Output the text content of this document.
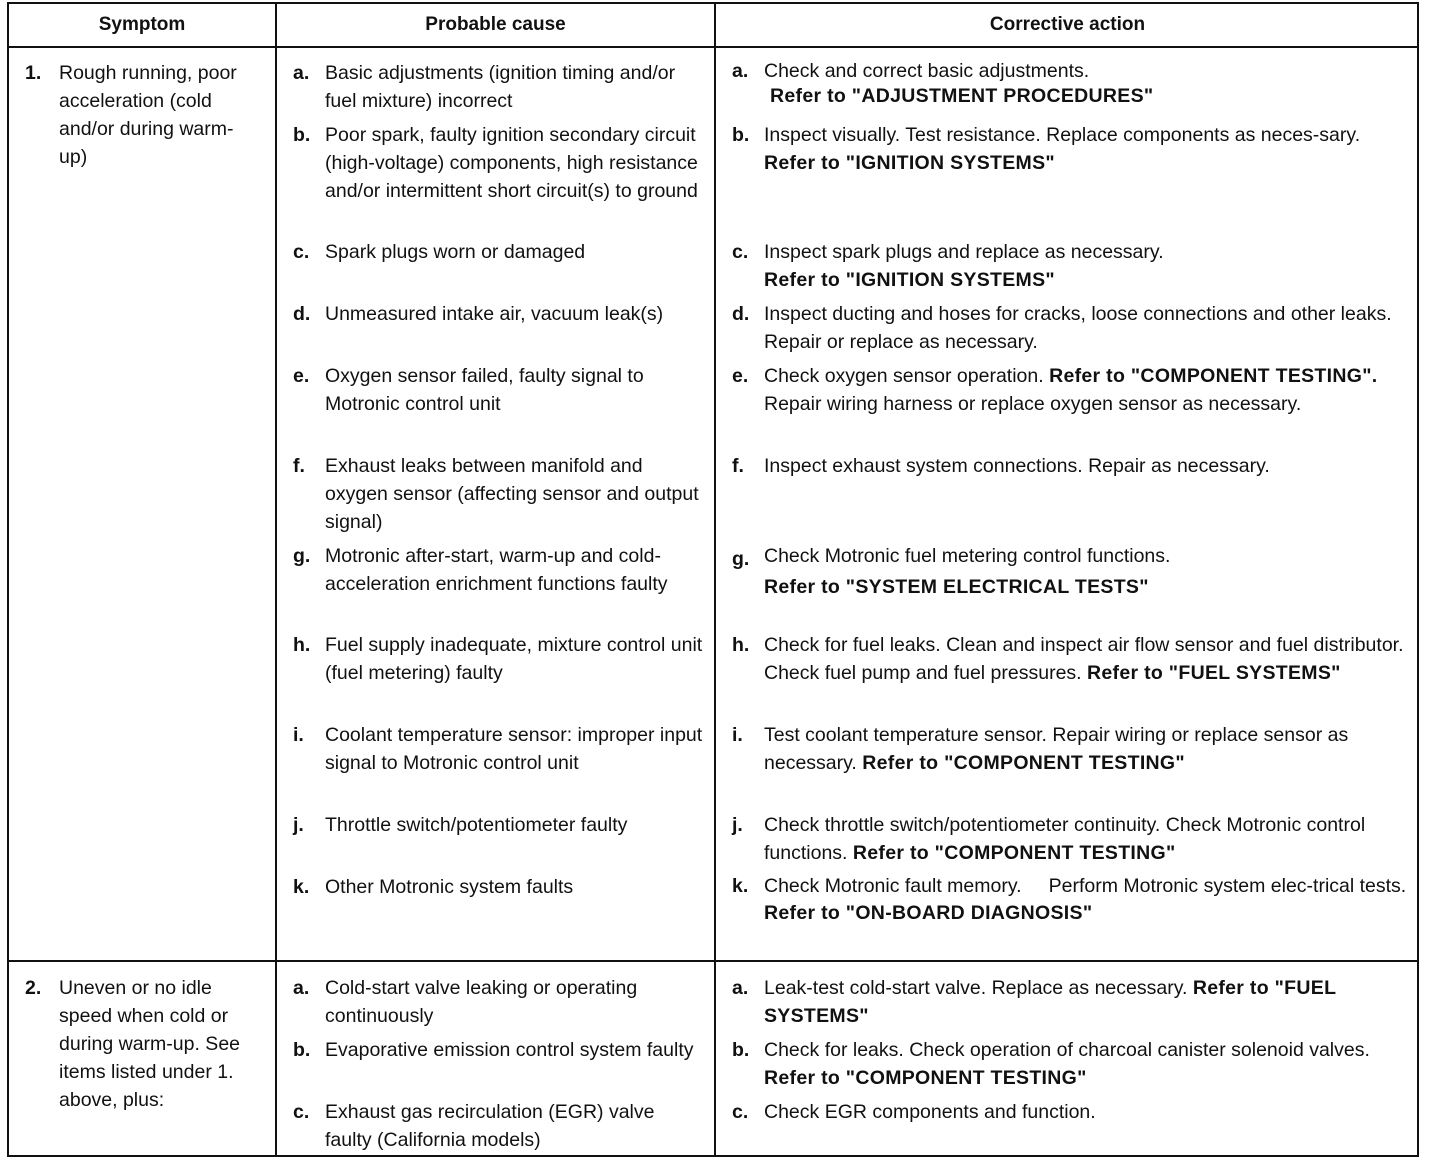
Symptom	Probable cause	Corrective action
1. Rough running, poor acceleration (cold and/or during warm-up)
a. Basic adjustments (ignition timing and/or fuel mixture) incorrect
b. Poor spark, faulty ignition secondary circuit (high-voltage) components, high resistance and/or intermittent short circuit(s) to ground
c. Spark plugs worn or damaged
d. Unmeasured intake air, vacuum leak(s)
e. Oxygen sensor failed, faulty signal to Motronic control unit
f. Exhaust leaks between manifold and oxygen sensor (affecting sensor and output signal)
g. Motronic after-start, warm-up and cold-acceleration enrichment functions faulty
h. Fuel supply inadequate, mixture control unit (fuel metering) faulty
i. Coolant temperature sensor: improper input signal to Motronic control unit
j. Throttle switch/potentiometer faulty
k. Other Motronic system faults
a. Check and correct basic adjustments.
Refer to "ADJUSTMENT PROCEDURES"
b. Inspect visually. Test resistance. Replace components as neces-sary. Refer to "IGNITION SYSTEMS"
c. Inspect spark plugs and replace as necessary.
Refer to "IGNITION SYSTEMS"
d. Inspect ducting and hoses for cracks, loose connections and other leaks. Repair or replace as necessary.
e. Check oxygen sensor operation. Refer to "COMPONENT TESTING". Repair wiring harness or replace oxygen sensor as necessary.
f. Inspect exhaust system connections. Repair as necessary.
g. Check Motronic fuel metering control functions.
Refer to "SYSTEM ELECTRICAL TESTS"
h. Check for fuel leaks. Clean and inspect air flow sensor and fuel distributor. Check fuel pump and fuel pressures. Refer to "FUEL SYSTEMS"
i. Test coolant temperature sensor. Repair wiring or replace sensor as necessary. Refer to "COMPONENT TESTING"
j. Check throttle switch/potentiometer continuity. Check Motronic control functions. Refer to "COMPONENT TESTING"
k. Check Motronic fault memory.     Perform Motronic system elec-trical tests.
Refer to "ON-BOARD DIAGNOSIS"
2. Uneven or no idle speed when cold or during warm-up. See items listed under 1. above, plus:
a. Cold-start valve leaking or operating continuously
b. Evaporative emission control system faulty
c. Exhaust gas recirculation (EGR) valve faulty (California models)
a. Leak-test cold-start valve. Replace as necessary. Refer to "FUEL SYSTEMS"
b. Check for leaks. Check operation of charcoal canister solenoid valves. Refer to "COMPONENT TESTING"
c. Check EGR components and function.
